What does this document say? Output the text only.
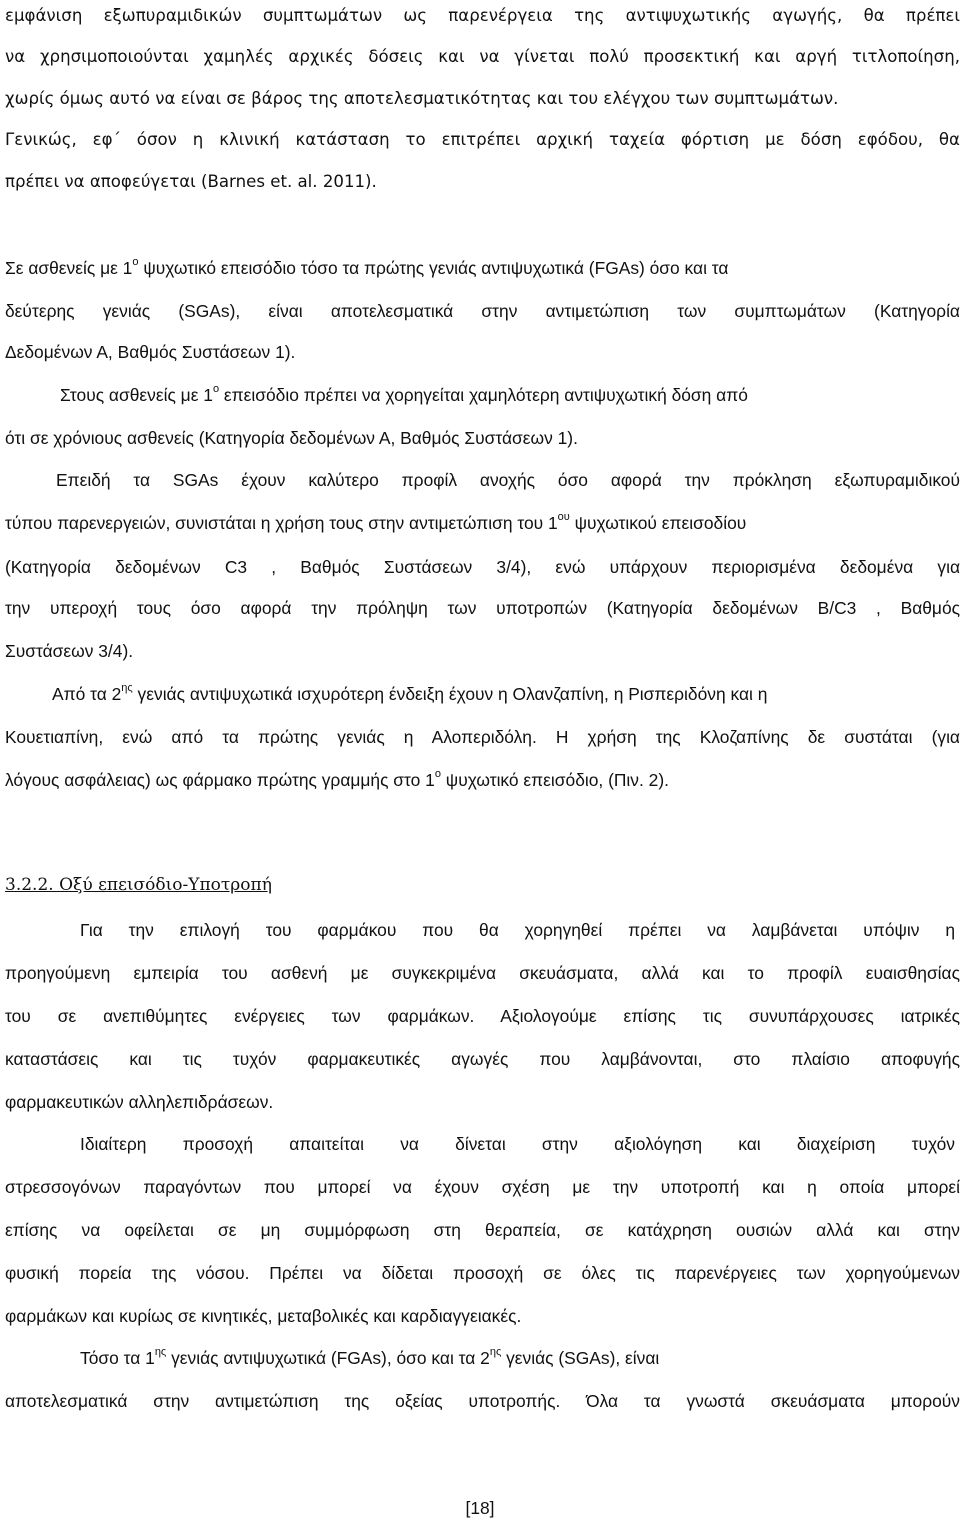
εμφάνιση εξωπυραμιδικών συμπτωμάτων ως παρενέργεια της αντιψυχωτικής αγωγής, θα πρέπει
να χρησιμοποιούνται χαμηλές αρχικές δόσεις και να γίνεται πολύ προσεκτική και αργή τιτλοποίηση,
χωρίς όμως αυτό να είναι σε βάρος της αποτελεσματικότητας και του ελέγχου των συμπτωμάτων.
Γενικώς, εφ΄ όσον η κλινική κατάσταση το επιτρέπει αρχική ταχεία φόρτιση με δόση εφόδου, θα
πρέπει να αποφεύγεται (Barnes et. al. 2011).
Σε ασθενείς με $1^o$ ψυχωτικό επεισόδιο τόσο τα πρώτης γενιάς αντιψυχωτικά (FGAs) όσο και τα
δεύτερης γενιάς (SGAs), είναι αποτελεσματικά στην αντιμετώπιση των συμπτωμάτων (Κατηγορία
Δεδομένων Α, Βαθμός Συστάσεων 1).
Στους ασθενείς με $1^o$ επεισόδιο πρέπει να χορηγείται χαμηλότερη αντιψυχωτική δόση από
ότι σε χρόνιους ασθενείς (Κατηγορία δεδομένων Α, Βαθμός Συστάσεων 1).
Επειδή τα SGAs έχουν καλύτερο προφίλ ανοχής όσο αφορά την πρόκληση εξωπυραμιδικού
τύπου παρενεργειών, συνιστάται η χρήση τους στην αντιμετώπιση του $1^{o\upsilon}$ ψυχωτικού επεισοδίου
(Κατηγορία δεδομένων C3 , Βαθμός Συστάσεων 3/4), ενώ υπάρχουν περιορισμένα δεδομένα για
την υπεροχή τους όσο αφορά την πρόληψη των υποτροπών (Κατηγορία δεδομένων Β/C3 , Βαθμός
Συστάσεων 3/4).
Από τα $2^{\eta\varsigma}$ γενιάς αντιψυχωτικά ισχυρότερη ένδειξη έχουν η Ολανζαπίνη, η Ρισπεριδόνη και η
Κουετιαπίνη, ενώ από τα πρώτης γενιάς η Αλοπεριδόλη. Η χρήση της Κλοζαπίνης δε συστάται (για
λόγους ασφάλειας) ως φάρμακο πρώτης γραμμής στο $1^o$ ψυχωτικό επεισόδιο, (Πιν. 2).
3.2.2. Οξύ επεισόδιο-Υποτροπή
Για την επιλογή του φαρμάκου που θα χορηγηθεί πρέπει να λαμβάνεται υπόψιν η
προηγούμενη εμπειρία του ασθενή με συγκεκριμένα σκευάσματα, αλλά και το προφίλ ευαισθησίας
του σε ανεπιθύμητες ενέργειες των φαρμάκων. Αξιολογούμε επίσης τις συνυπάρχουσες ιατρικές
καταστάσεις και τις τυχόν φαρμακευτικές αγωγές που λαμβάνονται, στο πλαίσιο αποφυγής
φαρμακευτικών αλληλεπιδράσεων.
Ιδιαίτερη προσοχή απαιτείται να δίνεται στην αξιολόγηση και διαχείριση τυχόν
στρεσσογόνων παραγόντων που μπορεί να έχουν σχέση με την υποτροπή και η οποία μπορεί
επίσης να οφείλεται σε μη συμμόρφωση στη θεραπεία, σε κατάχρηση ουσιών αλλά και στην
φυσική πορεία της νόσου. Πρέπει να δίδεται προσοχή σε όλες τις παρενέργειες των χορηγούμενων
φαρμάκων και κυρίως σε κινητικές, μεταβολικές και καρδιαγγειακές.
Τόσο τα $1^{\eta\varsigma}$ γενιάς αντιψυχωτικά (FGAs), όσο και τα $2^{\eta\varsigma}$ γενιάς (SGAs), είναι
αποτελεσματικά στην αντιμετώπιση της οξείας υποτροπής. Όλα τα γνωστά σκευάσματα μπορούν
[18]
